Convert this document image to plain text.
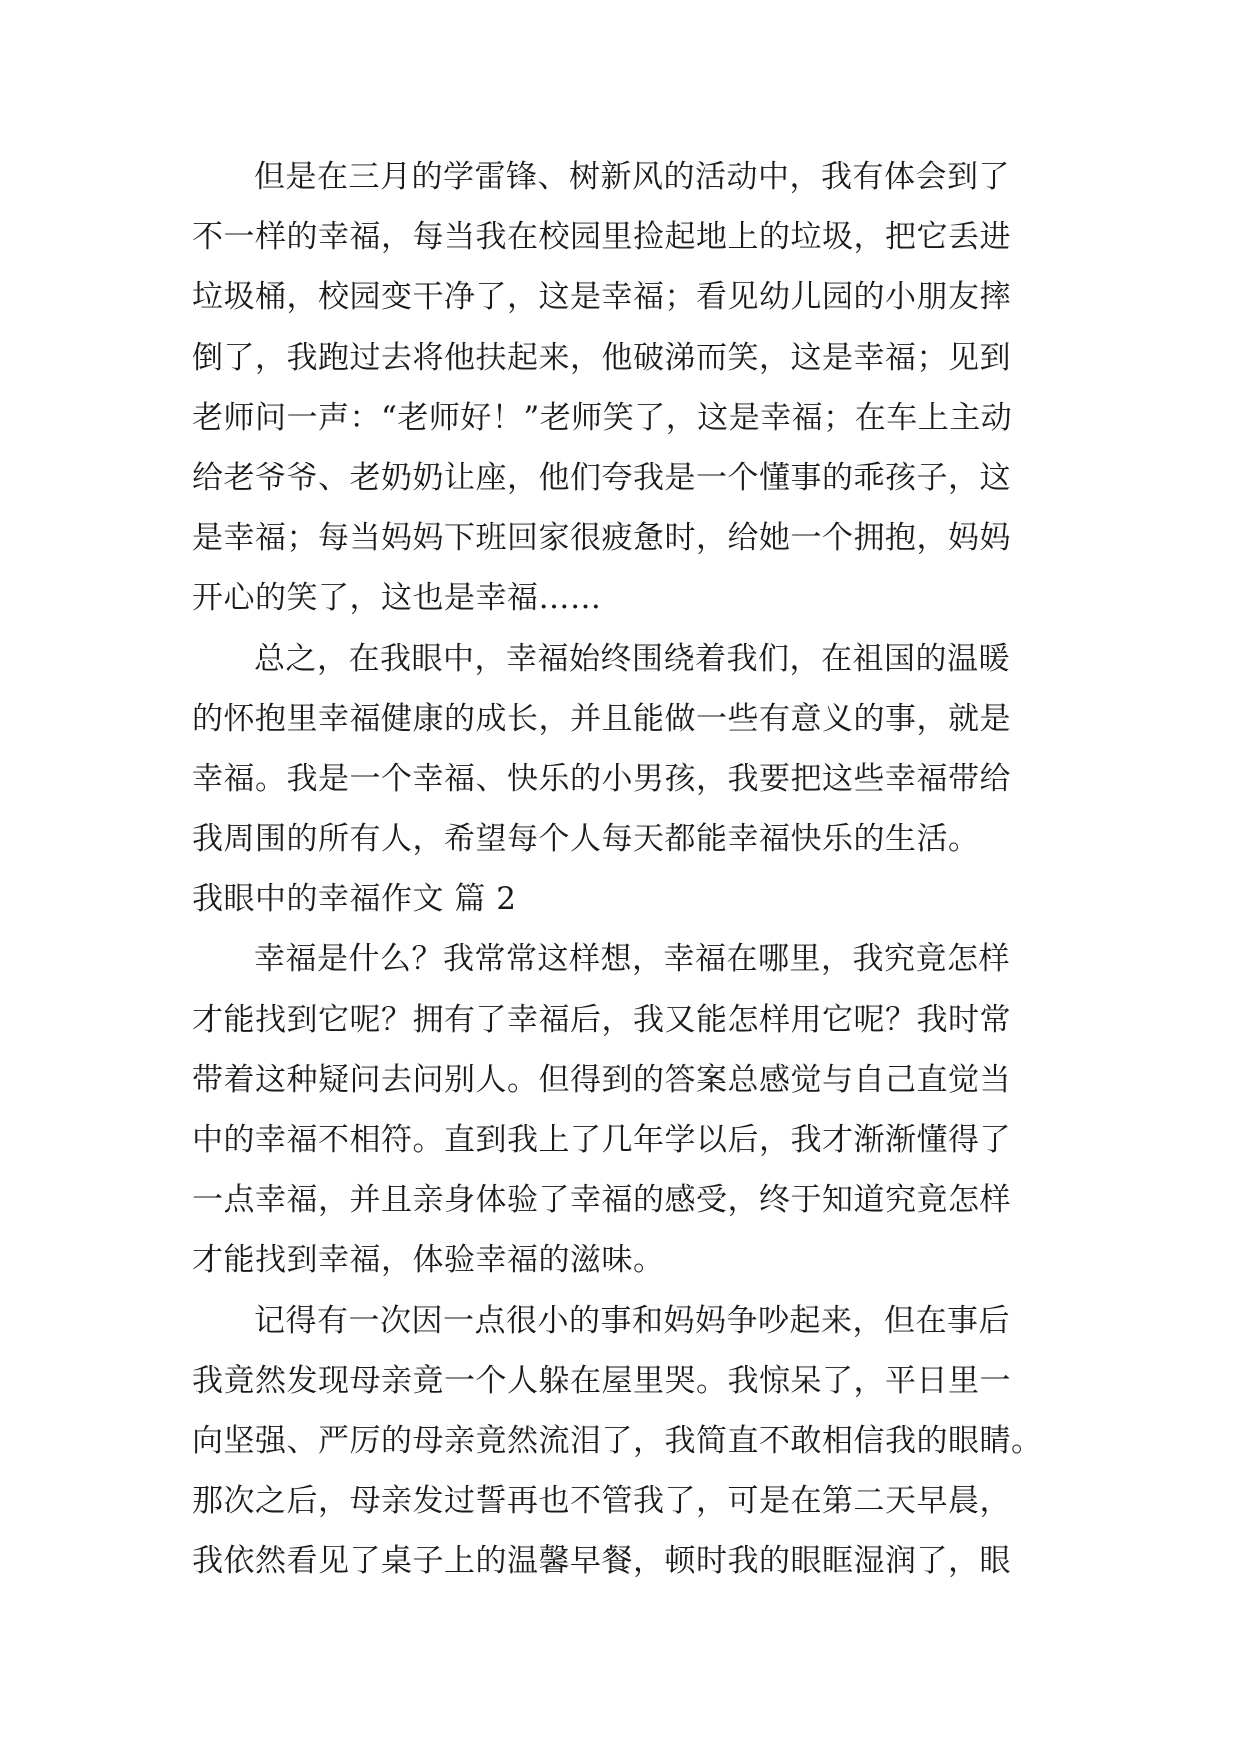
但是在三月的学雷锋、树新风的活动中，我有体会到了
不一样的幸福，每当我在校园里捡起地上的垃圾，把它丢进
垃圾桶，校园变干净了，这是幸福；看见幼儿园的小朋友摔
倒了，我跑过去将他扶起来，他破涕而笑，这是幸福；见到
老师问一声：“老师好！”老师笑了，这是幸福；在车上主动
给老爷爷、老奶奶让座，他们夸我是一个懂事的乖孩子，这
是幸福；每当妈妈下班回家很疲惫时，给她一个拥抱，妈妈
开心的笑了，这也是幸福……
总之，在我眼中，幸福始终围绕着我们，在祖国的温暖
的怀抱里幸福健康的成长，并且能做一些有意义的事，就是
幸福。我是一个幸福、快乐的小男孩，我要把这些幸福带给
我周围的所有人，希望每个人每天都能幸福快乐的生活。
我眼中的幸福作文 篇 2
幸福是什么？我常常这样想，幸福在哪里，我究竟怎样
才能找到它呢？拥有了幸福后，我又能怎样用它呢？我时常
带着这种疑问去问别人。但得到的答案总感觉与自己直觉当
中的幸福不相符。直到我上了几年学以后，我才渐渐懂得了
一点幸福，并且亲身体验了幸福的感受，终于知道究竟怎样
才能找到幸福，体验幸福的滋味。
记得有一次因一点很小的事和妈妈争吵起来，但在事后
我竟然发现母亲竟一个人躲在屋里哭。我惊呆了，平日里一
向坚强、严厉的母亲竟然流泪了，我简直不敢相信我的眼睛。
那次之后，母亲发过誓再也不管我了，可是在第二天早晨，
我依然看见了桌子上的温馨早餐，顿时我的眼眶湿润了，眼
